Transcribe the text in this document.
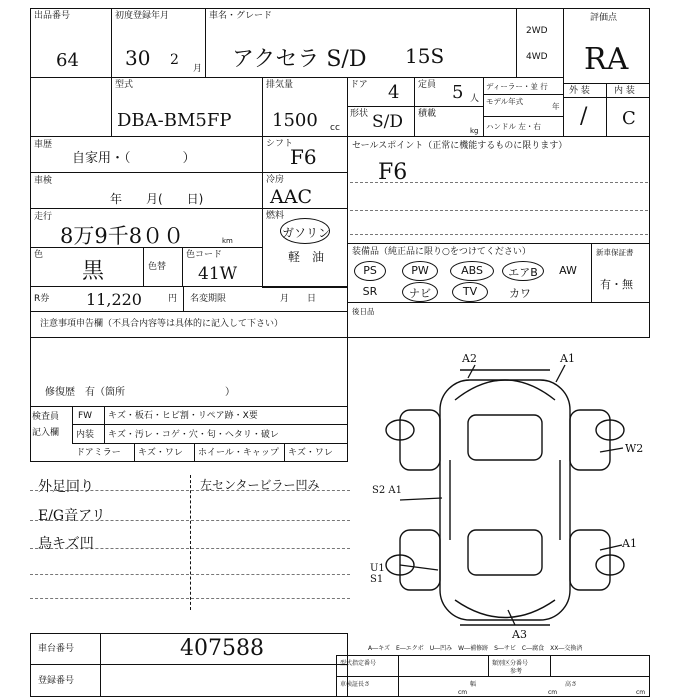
出品番号
64
初度登録年月
30 2
月
車名・グレード
アクセラ S/D 15S
2WD
4WD
評価点
RA
型式
DBA-BM5FP
排気量
1500 cc
ドア 4 定員 5 人
形状 S/D 積載
kg
ディーラー・並 行
モデル年式
年
ハンドル 左・右
外 装	内 装
/ C
車歴
自家用・（　　　　）
シフト
F6	セールスポイント（正常に機能するものに限ります）
F6
車検
年　　月(　　日)
冷房
AAC
走行
8万9千8００	km
燃料
ガソリン
軽　油
色
黒	色替
色コード
41W
装備品（純正品に限り○をつけてください）
PS	PW	ABS	エアB	AW
SR	ナビ	TV	カワ
新車保証書
有・無
後日品
R券 11,220	円 名変期限	月　　日
注意事項申告欄（不具合内容等は具体的に記入して下さい）
修復歴　有（箇所　　　　　　　　　　）
検査員
記入欄
FW キズ・板石・ヒビ割・リペア跡・X要
内装 キズ・汚レ・コゲ・穴・匂・ヘタリ・破レ
ドアミラー キズ・ワレ ホイール・キャップ キズ・ワレ
外足回り
E/G音アリ
鳥キズ凹
左センタービラー凹み
A2	A1
W2
A1
S2 A1
U1 S1
A3
A―キズ　E―エクボ　U―凹み　W―補修跡　S―サビ　C―腐食　XX―交換済
車台番号	407588
登録番号
型式指定番号	類別区分番号
参考
車検証長さ	幅	高さ
cm	cm	cm
